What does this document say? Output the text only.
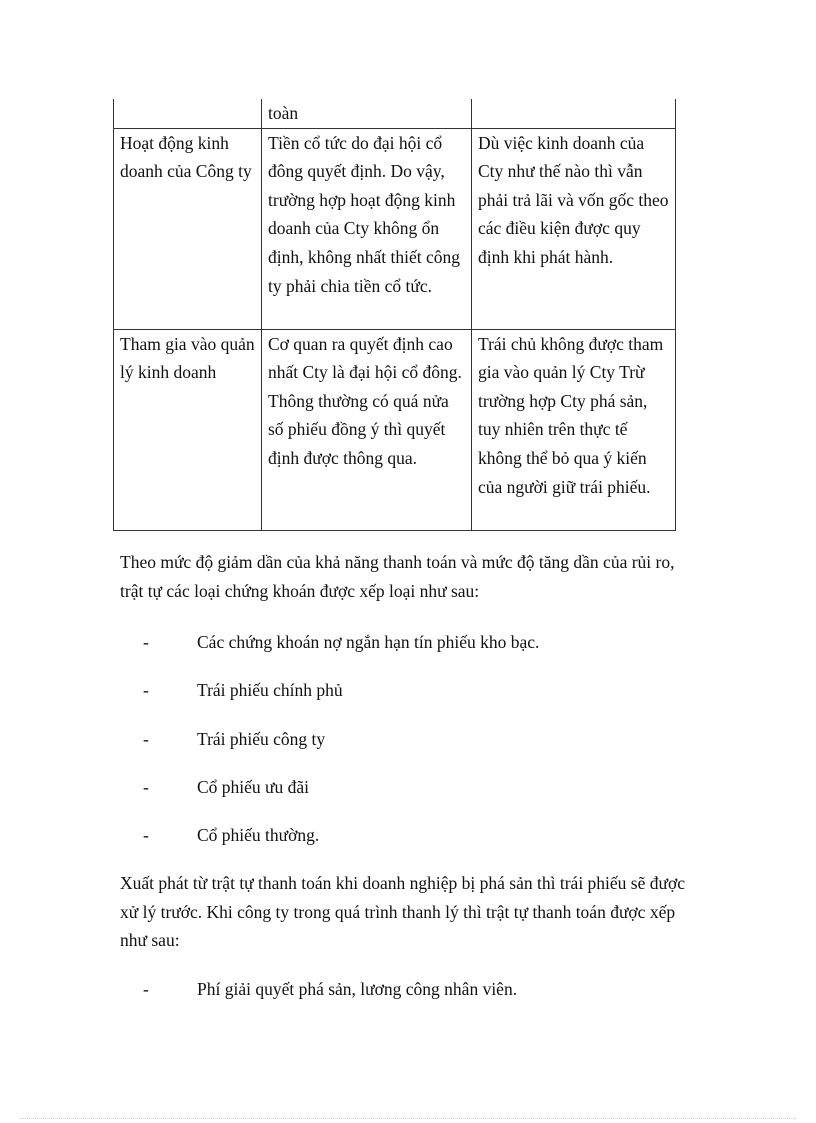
	toàn	
Hoạt động kinh doanh của Công ty	Tiền cổ tức do đại hội cổ đông quyết định. Do vậy, trường hợp hoạt động kinh doanh của Cty không ổn định, không nhất thiết công ty phải chia tiền cổ tức.	Dù việc kinh doanh của Cty như thế nào thì vẫn phải trả lãi và vốn gốc theo các điều kiện được quy định khi phát hành.
Tham gia vào quản lý kinh doanh	Cơ quan ra quyết định cao nhất Cty là đại hội cổ đông. Thông thường có quá nửa số phiếu đồng ý thì quyết định được thông qua.	Trái chủ không được tham gia vào quản lý Cty Trừ trường hợp Cty phá sản, tuy nhiên trên thực tế không thể bỏ qua ý kiến của người giữ trái phiếu.

Theo mức độ giảm dần của khả năng thanh toán và mức độ tăng dần của rủi ro, trật tự các loại chứng khoán được xếp loại như sau:

-	Các chứng khoán nợ ngắn hạn tín phiếu kho bạc.
-	Trái phiếu chính phủ
-	Trái phiếu công ty
-	Cổ phiếu ưu đãi
-	Cổ phiếu thường.

Xuất phát từ trật tự thanh toán khi doanh nghiệp bị phá sản thì trái phiếu sẽ được xử lý trước. Khi công ty trong quá trình thanh lý thì trật tự thanh toán được xếp như sau:

-	Phí giải quyết phá sản, lương công nhân viên.
